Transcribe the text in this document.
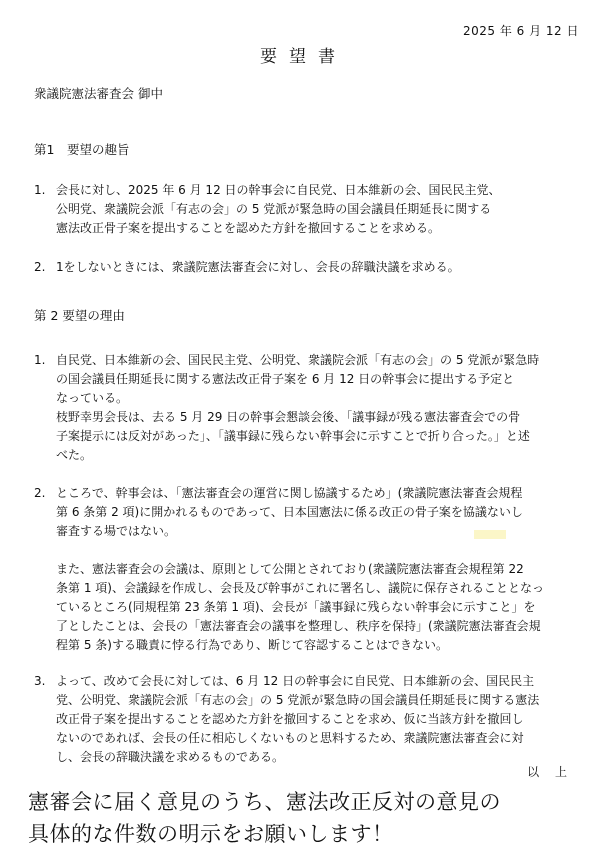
2025 年 6 月 12 日
要望書
衆議院憲法審査会 御中
第1　要望の趣旨
1. 会長に対し、2025 年 6 月 12 日の幹事会に自民党、日本維新の会、国民民主党、

公明党、衆議院会派「有志の会」の 5 党派が緊急時の国会議員任期延長に関する

憲法改正骨子案を提出することを認めた方針を撤回することを求める。

2. 1をしないときには、衆議院憲法審査会に対し、会長の辞職決議を求める。

第 2 要望の理由
1. 自民党、日本維新の会、国民民主党、公明党、衆議院会派「有志の会」の 5 党派が緊急時

の国会議員任期延長に関する憲法改正骨子案を 6 月 12 日の幹事会に提出する予定と

なっている。

枝野幸男会長は、去る 5 月 29 日の幹事会懇談会後、「議事録が残る憲法審査会での骨

子案提示には反対があった」、「議事録に残らない幹事会に示すことで折り合った。」と述

べた。

2. ところで、幹事会は、「憲法審査会の運営に関し協議するため」(衆議院憲法審査会規程

第 6 条第 2 項)に開かれるものであって、日本国憲法に係る改正の骨子案を協議ないし

審査する場ではない。

また、憲法審査会の会議は、原則として公開とされており(衆議院憲法審査会規程第 22

条第 1 項)、会議録を作成し、会長及び幹事がこれに署名し、議院に保存されることとなっ

ているところ(同規程第 23 条第 1 項)、会長が「議事録に残らない幹事会に示すこと」を

了としたことは、会長の「憲法審査会の議事を整理し、秩序を保持」(衆議院憲法審査会規

程第 5 条)する職責に悖る行為であり、断じて容認することはできない。

3. よって、改めて会長に対しては、6 月 12 日の幹事会に自民党、日本維新の会、国民民主

党、公明党、衆議院会派「有志の会」の 5 党派が緊急時の国会議員任期延長に関する憲法

改正骨子案を提出することを認めた方針を撤回することを求め、仮に当該方針を撤回し

ないのであれば、会長の任に相応しくないものと思料するため、衆議院憲法審査会に対

し、会長の辞職決議を求めるものである。

以 上

憲審会に届く意見のうち、憲法改正反対の意見の

具体的な件数の明示をお願いします！
